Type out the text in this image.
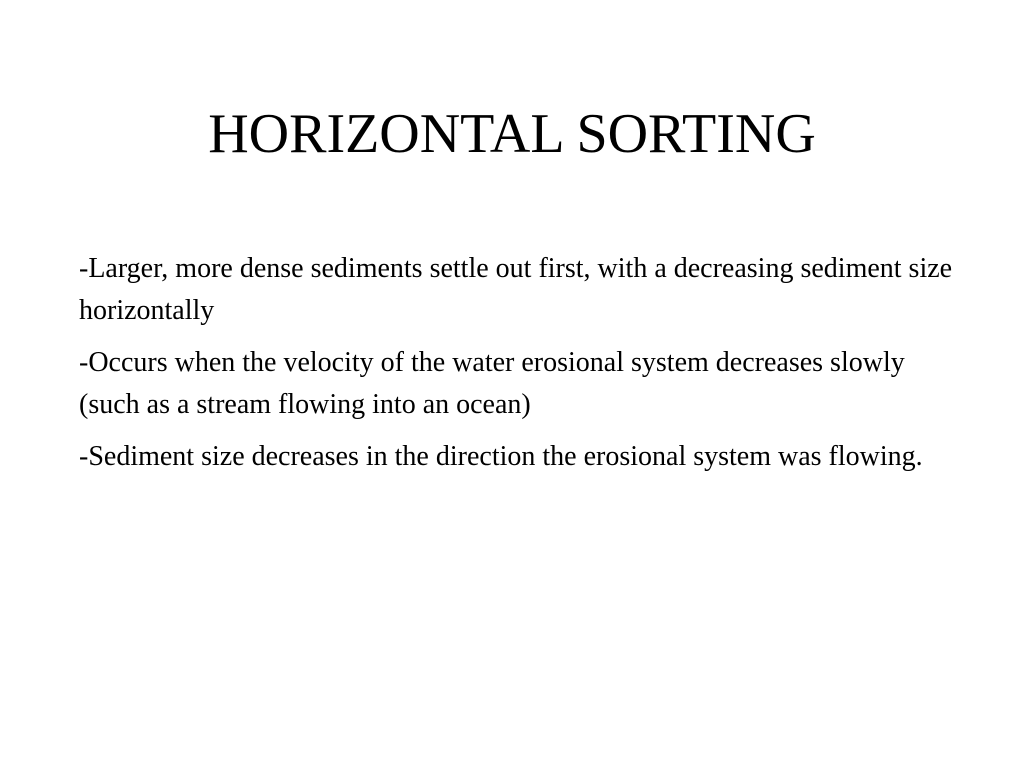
HORIZONTAL SORTING
-Larger, more dense sediments settle out first, with a decreasing sediment size horizontally
-Occurs when the velocity of the water erosional system decreases slowly (such as a stream flowing into an ocean)
-Sediment size decreases in the direction the erosional system was flowing.
